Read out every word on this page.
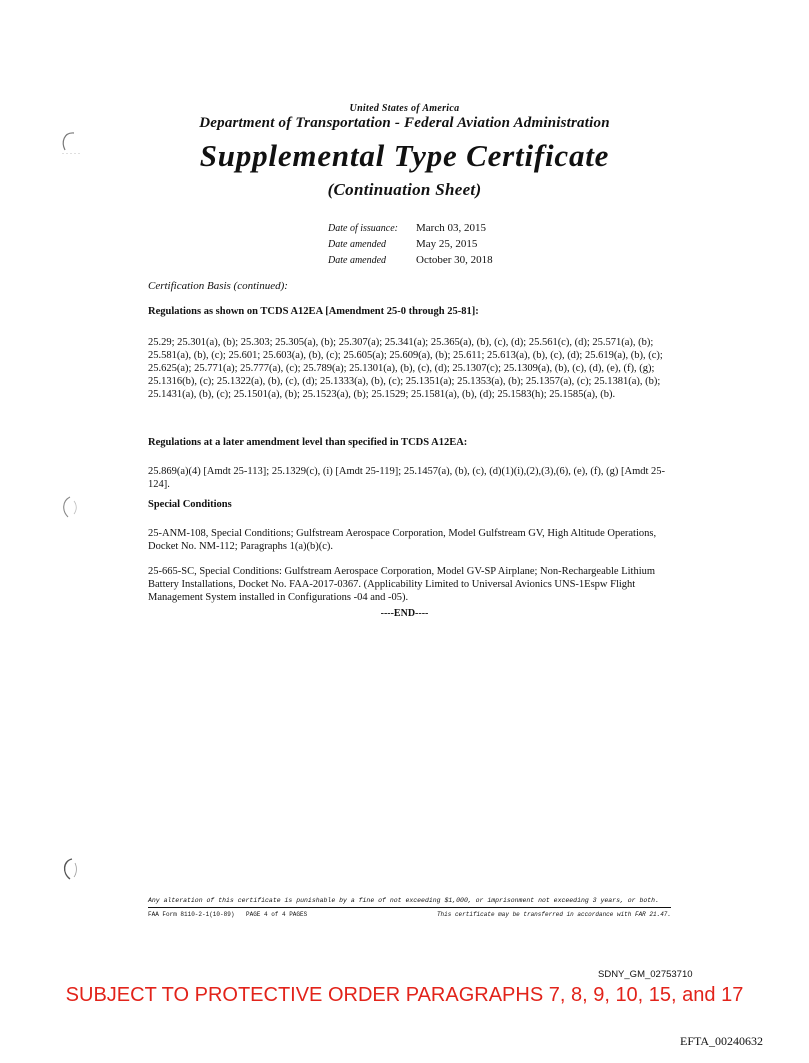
United States of America
Department of Transportation - Federal Aviation Administration
Supplemental Type Certificate
(Continuation Sheet)
Date of issuance:	March 03, 2015
Date amended	May 25, 2015
Date amended	October 30, 2018
Certification Basis (continued):
Regulations as shown on TCDS A12EA [Amendment 25-0 through 25-81]:
25.29; 25.301(a), (b); 25.303; 25.305(a), (b); 25.307(a); 25.341(a); 25.365(a), (b), (c), (d); 25.561(c), (d); 25.571(a), (b); 25.581(a), (b), (c); 25.601; 25.603(a), (b), (c); 25.605(a); 25.609(a), (b); 25.611; 25.613(a), (b), (c), (d); 25.619(a), (b), (c); 25.625(a); 25.771(a); 25.777(a), (c); 25.789(a); 25.1301(a), (b), (c), (d); 25.1307(c); 25.1309(a), (b), (c), (d), (e), (f), (g); 25.1316(b), (c); 25.1322(a), (b), (c), (d); 25.1333(a), (b), (c); 25.1351(a); 25.1353(a), (b); 25.1357(a), (c); 25.1381(a), (b); 25.1431(a), (b), (c); 25.1501(a), (b); 25.1523(a), (b); 25.1529; 25.1581(a), (b), (d); 25.1583(h); 25.1585(a), (b).
Regulations at a later amendment level than specified in TCDS A12EA:
25.869(a)(4) [Amdt 25-113]; 25.1329(c), (i) [Amdt 25-119]; 25.1457(a), (b), (c), (d)(1)(i),(2),(3),(6), (e), (f), (g) [Amdt 25-124].
Special Conditions
25-ANM-108, Special Conditions; Gulfstream Aerospace Corporation, Model Gulfstream GV, High Altitude Operations, Docket No. NM-112; Paragraphs 1(a)(b)(c).
25-665-SC, Special Conditions: Gulfstream Aerospace Corporation, Model GV-SP Airplane; Non-Rechargeable Lithium Battery Installations, Docket No. FAA-2017-0367. (Applicability Limited to Universal Avionics UNS-1Espw Flight Management System installed in Configurations -04 and -05).
----END----
Any alteration of this certificate is punishable by a fine of not exceeding $1,000, or imprisonment not exceeding 3 years, or both.
FAA Form 8110-2-1(10-89) PAGE 4 of 4 PAGES	This certificate may be transferred in accordance with FAR 21.47.
SDNY_GM_02753710
SUBJECT TO PROTECTIVE ORDER PARAGRAPHS 7, 8, 9, 10, 15, and 17
EFTA_00240632
